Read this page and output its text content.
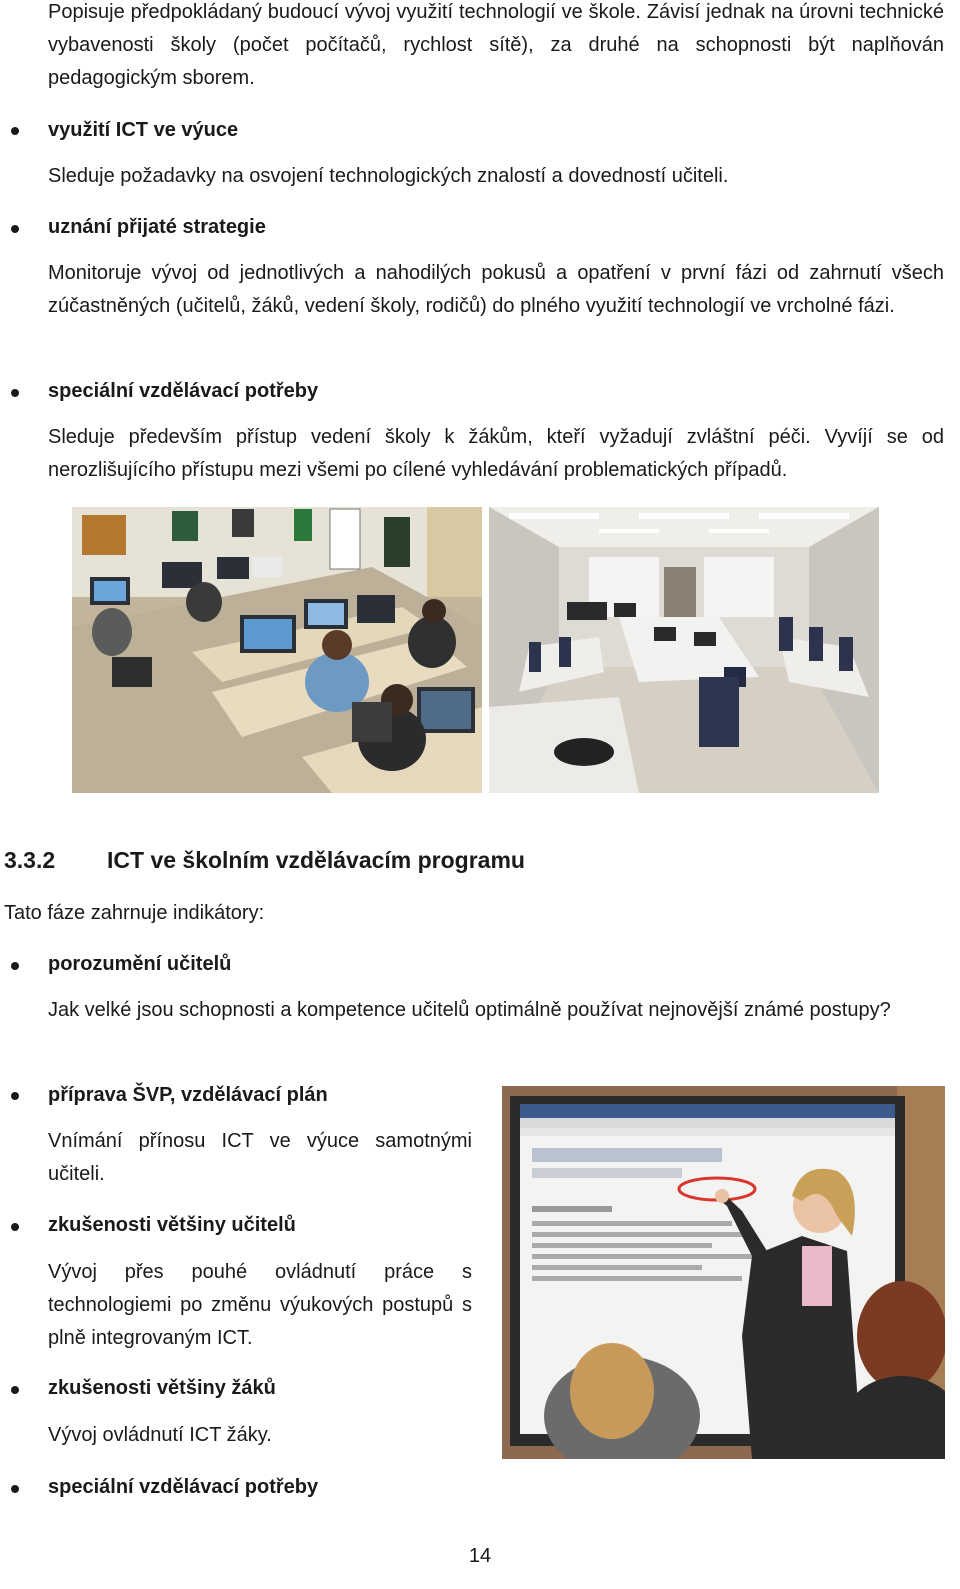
Popisuje předpokládaný budoucí vývoj využití technologií ve škole. Závisí jednak na úrovni technické vybavenosti školy (počet počítačů, rychlost sítě), za druhé na schopnosti být naplňován pedagogickým sborem.
využití ICT ve výuce
Sleduje požadavky na osvojení technologických znalostí a dovedností učiteli.
uznání přijaté strategie
Monitoruje vývoj od jednotlivých a nahodilých pokusů a opatření v první fázi od zahrnutí všech zúčastněných (učitelů, žáků, vedení školy, rodičů) do plného využití technologií ve vrcholné fázi.
speciální vzdělávací potřeby
Sleduje především přístup vedení školy k žákům, kteří vyžadují zvláštní péči. Vyvíjí se od nerozlišujícího přístupu mezi všemi po cílené vyhledávání problematických případů.
3.3.2 ICT ve školním vzdělávacím programu
Tato fáze zahrnuje indikátory:
porozumění učitelů
Jak velké jsou schopnosti a kompetence učitelů optimálně používat nejnovější známé postupy?
příprava ŠVP, vzdělávací plán
Vnímání přínosu ICT ve výuce samotnými učiteli.
zkušenosti většiny učitelů
Vývoj přes pouhé ovládnutí práce s technologiemi po změnu výukových postupů s plně integrovaným ICT.
zkušenosti většiny žáků
Vývoj ovládnutí ICT žáky.
speciální vzdělávací potřeby
14
